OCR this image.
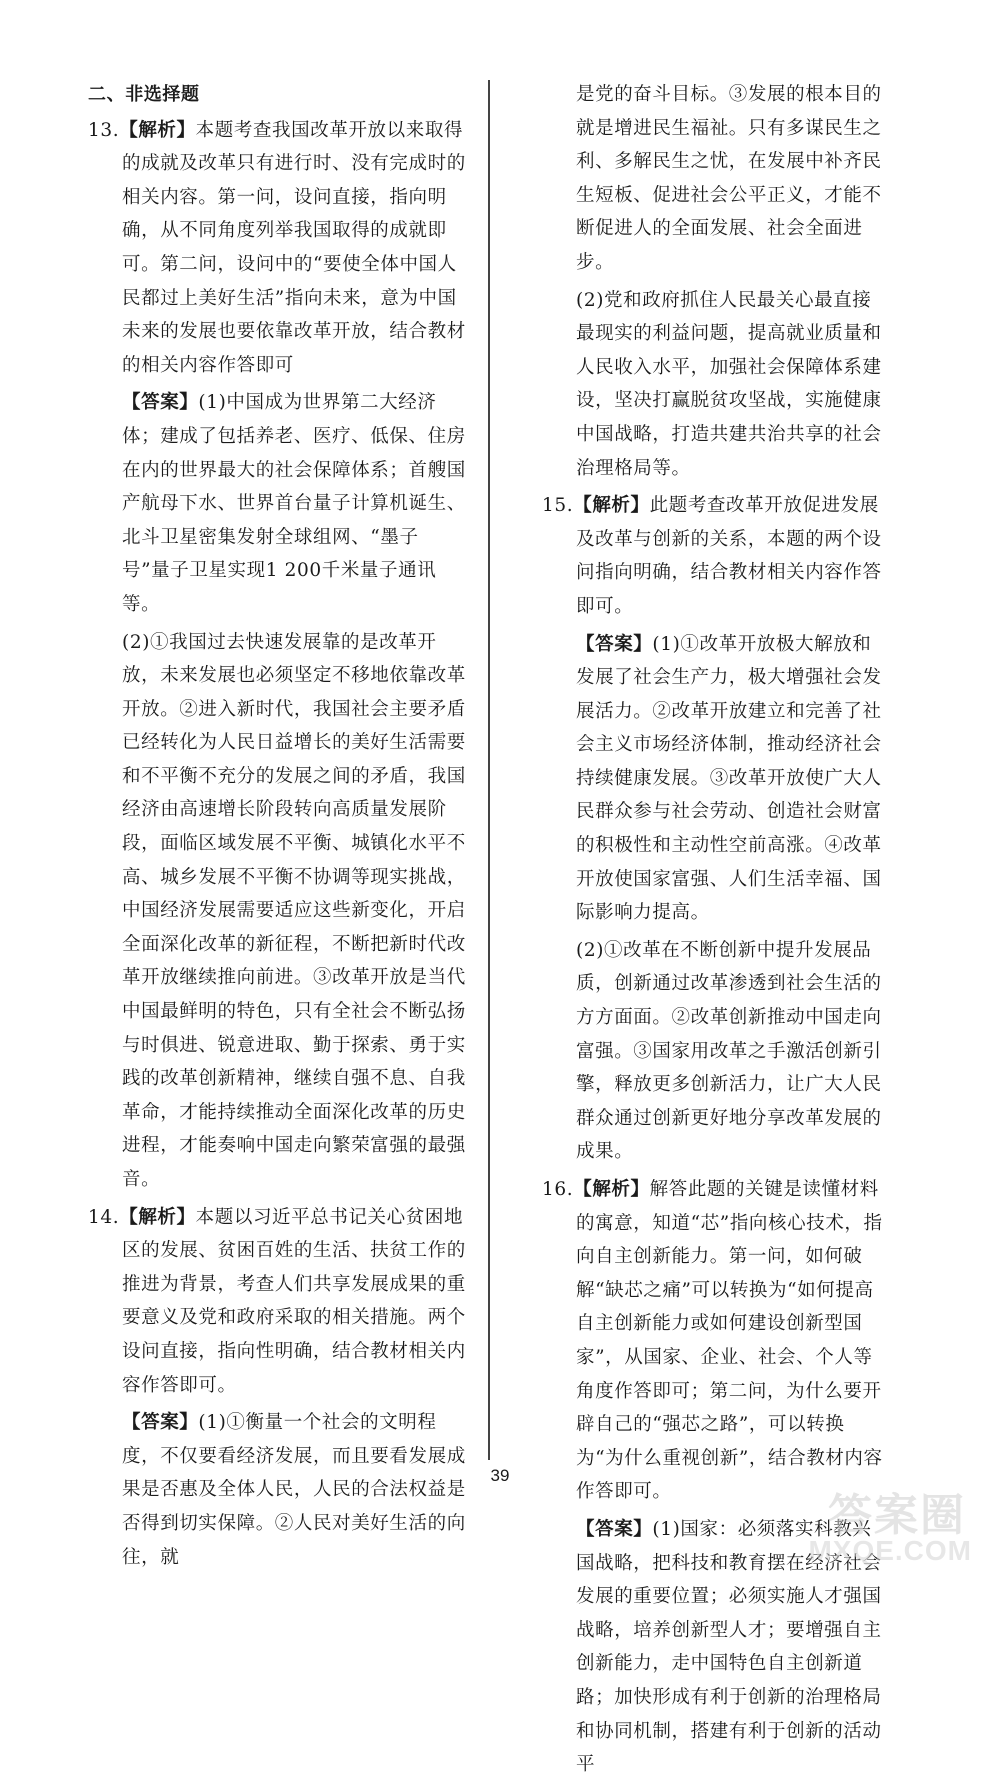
二、非选择题
13.【解析】本题考查我国改革开放以来取得的成就及改革只有进行时、没有完成时的相关内容。第一问，设问直接，指向明确，从不同角度列举我国取得的成就即可。第二问，设问中的“要使全体中国人民都过上美好生活”指向未来，意为中国未来的发展也要依靠改革开放，结合教材的相关内容作答即可
【答案】(1)中国成为世界第二大经济体；建成了包括养老、医疗、低保、住房在内的世界最大的社会保障体系；首艘国产航母下水、世界首台量子计算机诞生、北斗卫星密集发射全球组网、“墨子号”量子卫星实现1 200千米量子通讯等。
(2)①我国过去快速发展靠的是改革开放，未来发展也必须坚定不移地依靠改革开放。②进入新时代，我国社会主要矛盾已经转化为人民日益增长的美好生活需要和不平衡不充分的发展之间的矛盾，我国经济由高速增长阶段转向高质量发展阶段，面临区域发展不平衡、城镇化水平不高、城乡发展不平衡不协调等现实挑战，中国经济发展需要适应这些新变化，开启全面深化改革的新征程，不断把新时代改革开放继续推向前进。③改革开放是当代中国最鲜明的特色，只有全社会不断弘扬与时俱进、锐意进取、勤于探索、勇于实践的改革创新精神，继续自强不息、自我革命，才能持续推动全面深化改革的历史进程，才能奏响中国走向繁荣富强的最强音。
14.【解析】本题以习近平总书记关心贫困地区的发展、贫困百姓的生活、扶贫工作的推进为背景，考查人们共享发展成果的重要意义及党和政府采取的相关措施。两个设问直接，指向性明确，结合教材相关内容作答即可。
【答案】(1)①衡量一个社会的文明程度，不仅要看经济发展，而且要看发展成果是否惠及全体人民，人民的合法权益是否得到切实保障。②人民对美好生活的向往，就
是党的奋斗目标。③发展的根本目的就是增进民生福祉。只有多谋民生之利、多解民生之忧，在发展中补齐民生短板、促进社会公平正义，才能不断促进人的全面发展、社会全面进步。
(2)党和政府抓住人民最关心最直接最现实的利益问题，提高就业质量和人民收入水平，加强社会保障体系建设，坚决打赢脱贫攻坚战，实施健康中国战略，打造共建共治共享的社会治理格局等。
15.【解析】此题考查改革开放促进发展及改革与创新的关系，本题的两个设问指向明确，结合教材相关内容作答即可。
【答案】(1)①改革开放极大解放和发展了社会生产力，极大增强社会发展活力。②改革开放建立和完善了社会主义市场经济体制，推动经济社会持续健康发展。③改革开放使广大人民群众参与社会劳动、创造社会财富的积极性和主动性空前高涨。④改革开放使国家富强、人们生活幸福、国际影响力提高。
(2)①改革在不断创新中提升发展品质，创新通过改革渗透到社会生活的方方面面。②改革创新推动中国走向富强。③国家用改革之手激活创新引擎，释放更多创新活力，让广大人民群众通过创新更好地分享改革发展的成果。
16.【解析】解答此题的关键是读懂材料的寓意，知道“芯”指向核心技术，指向自主创新能力。第一问，如何破解“缺芯之痛”可以转换为“如何提高自主创新能力或如何建设创新型国家”，从国家、企业、社会、个人等角度作答即可；第二问，为什么要开辟自己的“强芯之路”，可以转换为“为什么重视创新”，结合教材内容作答即可。
【答案】(1)国家：必须落实科教兴国战略，把科技和教育摆在经济社会发展的重要位置；必须实施人才强国战略，培养创新型人才；要增强自主创新能力，走中国特色自主创新道路；加快形成有利于创新的治理格局和协同机制，搭建有利于创新的活动平
39
答案圈
MXQE.COM
